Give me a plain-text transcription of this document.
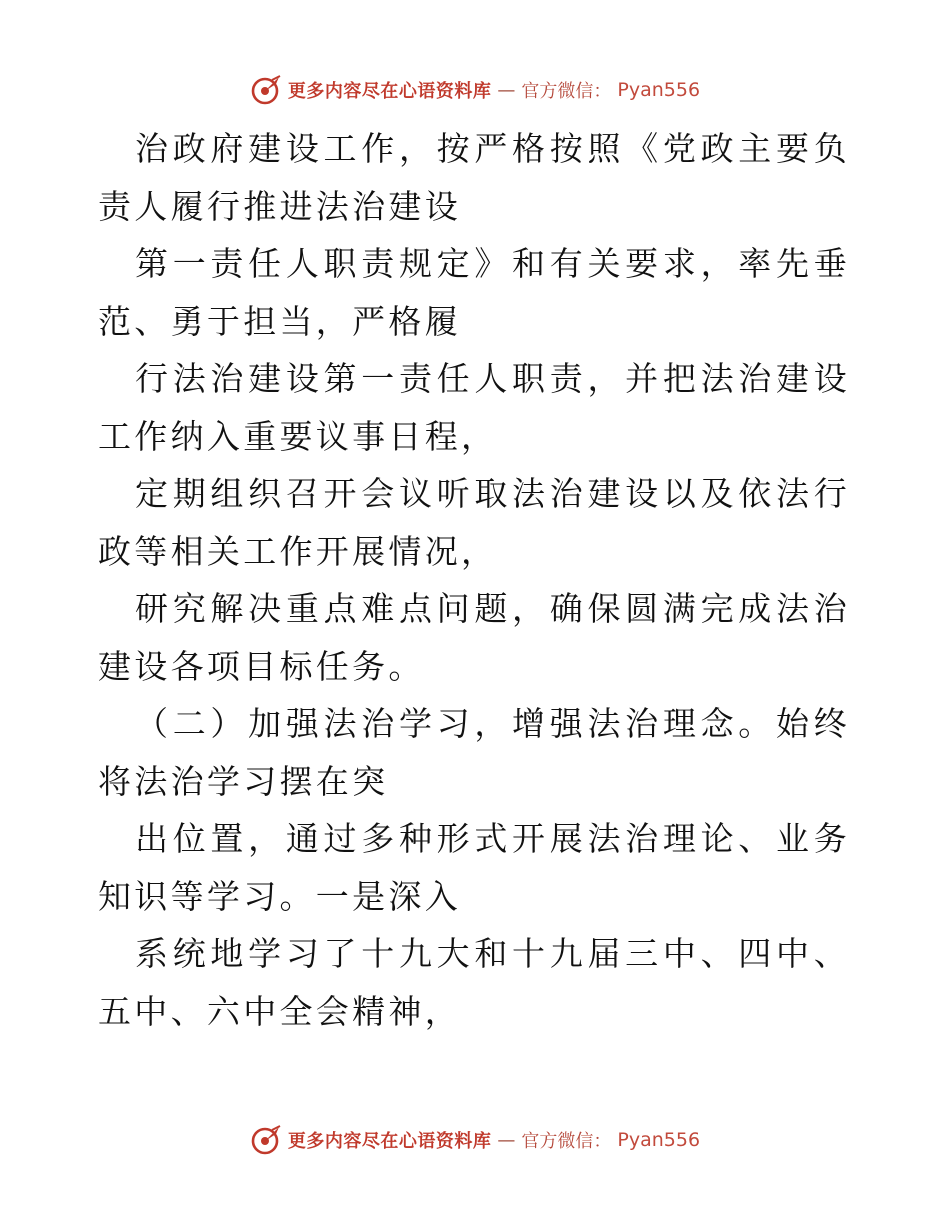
更多内容尽在心语资料库 — 官方微信： Pyan556

治政府建设工作，按严格按照《党政主要负责人履行推进法治建设

第一责任人职责规定》和有关要求，率先垂范、勇于担当，严格履

行法治建设第一责任人职责，并把法治建设工作纳入重要议事日程，

定期组织召开会议听取法治建设以及依法行政等相关工作开展情况，

研究解决重点难点问题，确保圆满完成法治建设各项目标任务。

（二）加强法治学习，增强法治理念。始终将法治学习摆在突

出位置，通过多种形式开展法治理论、业务知识等学习。一是深入

系统地学习了十九大和十九届三中、四中、五中、六中全会精神，

更多内容尽在心语资料库 — 官方微信： Pyan556
